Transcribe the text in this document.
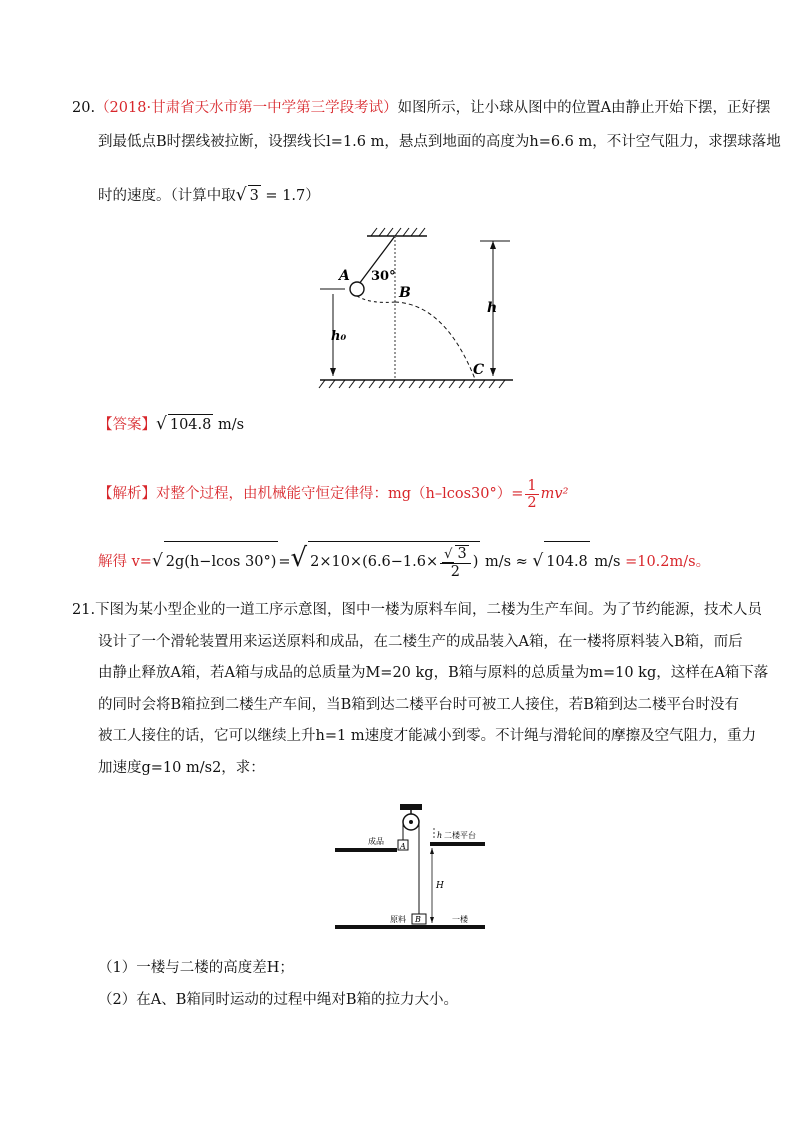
20.（2018·甘肃省天水市第一中学第三学段考试）如图所示，让小球从图中的位置A由静止开始下摆，正好摆
到最低点B时摆线被拉断，设摆线长l=1.6 m，悬点到地面的高度为h=6.6 m，不计空气阻力，求摆球落地
时的速度。（计算中取√ 3 = 1.7）
A 30°
B
h
h₀
C
【答案】√ 104.8 m/s
【解析】对整个过程，由机械能守恒定律得：$mg(h-lcos30^\circ)= \frac{1}{2} mv^2$
解得 v=√ 2g(h−lcos 30°) =√ $2\times 10\times(6.6-1.6\times \frac{√ 3}{2}$ ) m/s ≈ √ 104.8 m/s =10.2m/s。
21.下图为某小型企业的一道工序示意图，图中一楼为原料车间，二楼为生产车间。为了节约能源，技术人员
设计了一个滑轮装置用来运送原料和成品，在二楼生产的成品装入A箱，在一楼将原料装入B箱，而后
由静止释放A箱，若A箱与成品的总质量为M=20 kg，B箱与原料的总质量为m=10 kg，这样在A箱下落
的同时会将B箱拉到二楼生产车间，当B箱到达二楼平台时可被工人接住，若B箱到达二楼平台时没有
被工人接住的话，它可以继续上升h=1 m速度才能减小到零。不计绳与滑轮间的摩擦及空气阻力，重力
加速度g=10 m/s2，求：
成品
A
h 二楼平台
H
原料 B	一楼
（1）一楼与二楼的高度差H；
（2）在A、B箱同时运动的过程中绳对B箱的拉力大小。
